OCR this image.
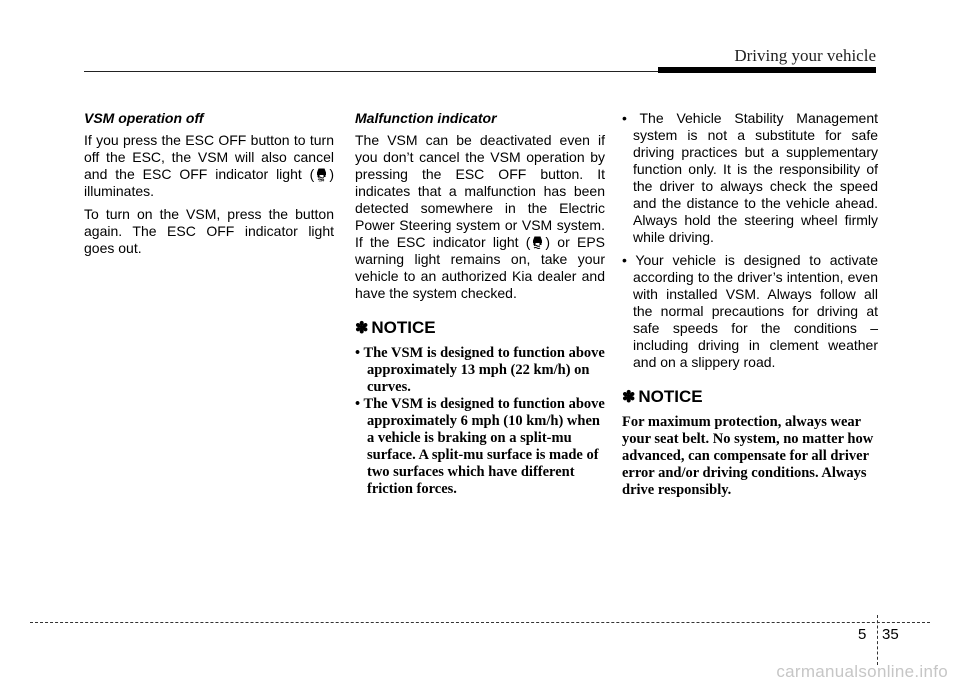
Driving your vehicle
VSM operation off

If you press the ESC OFF button to turn off the ESC, the VSM will also cancel and the ESC OFF indicator light ( OFF ) illuminates.

To turn on the VSM, press the button again. The ESC OFF indicator light goes out.

Malfunction indicator

The VSM can be deactivated even if you don’t cancel the VSM operation by pressing the ESC OFF button. It indicates that a malfunction has been detected somewhere in the Electric Power Steering system or VSM system. If the ESC indicator light ( ) or EPS warning light remains on, take your vehicle to an authorized Kia dealer and have the system checked.

✽ NOTICE
• The VSM is designed to function above approximately 13 mph (22 km/h) on curves.
• The VSM is designed to function above approximately 6 mph (10 km/h) when a vehicle is braking on a split-mu surface. A split-mu surface is made of two surfaces which have different friction forces.
• The Vehicle Stability Management system is not a substitute for safe driving practices but a supplementary function only. It is the responsibility of the driver to always check the speed and the distance to the vehicle ahead. Always hold the steering wheel firmly while driving.
• Your vehicle is designed to activate according to the driver’s intention, even with installed VSM. Always follow all the normal precautions for driving at safe speeds for the conditions – including driving in clement weather and on a slippery road.
✽ NOTICE

For maximum protection, always wear your seat belt. No system, no matter how advanced, can compensate for all driver error and/or driving conditions. Always drive responsibly.

5 35
carmanualsonline.info
